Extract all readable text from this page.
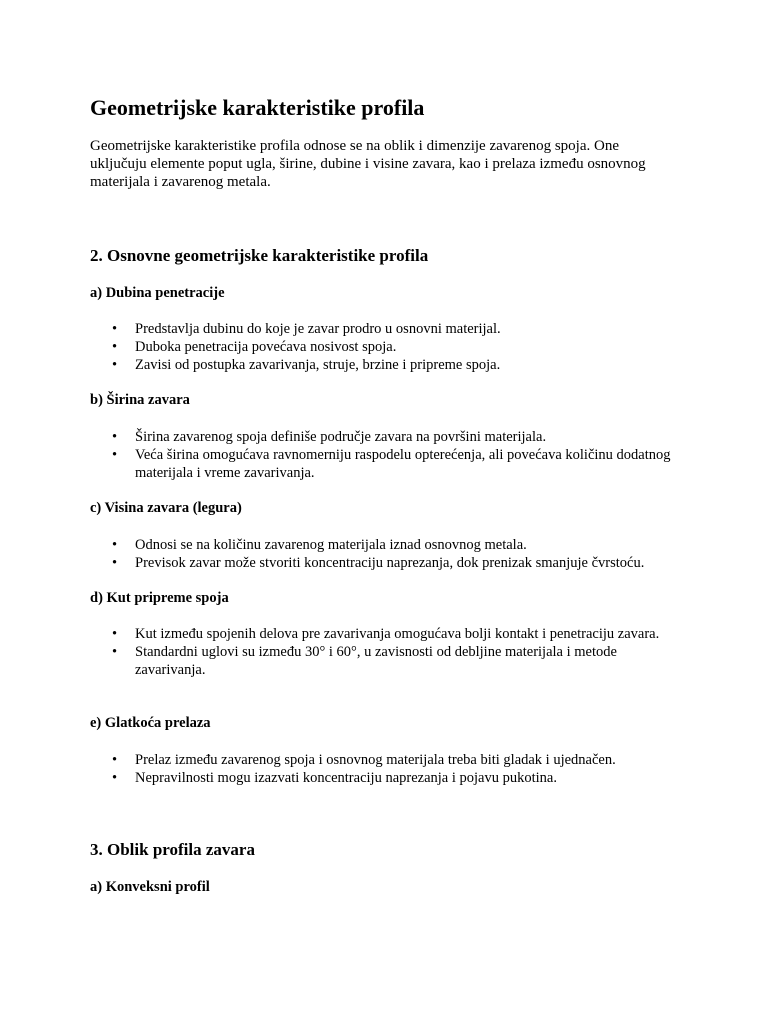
Geometrijske karakteristike profila

Geometrijske karakteristike profila odnose se na oblik i dimenzije zavarenog spoja. One uključuju elemente poput ugla, širine, dubine i visine zavara, kao i prelaza između osnovnog materijala i zavarenog metala.

2. Osnovne geometrijske karakteristike profila
a) Dubina penetracije
• Predstavlja dubinu do koje je zavar prodro u osnovni materijal.
• Duboka penetracija povećava nosivost spoja.
• Zavisi od postupka zavarivanja, struje, brzine i pripreme spoja.
b) Širina zavara
• Širina zavarenog spoja definiše područje zavara na površini materijala.
• Veća širina omogućava ravnomerniju raspodelu opterećenja, ali povećava količinu dodatnog materijala i vreme zavarivanja.
c) Visina zavara (legura)
• Odnosi se na količinu zavarenog materijala iznad osnovnog metala.
• Previsok zavar može stvoriti koncentraciju naprezanja, dok prenizak smanjuje čvrstoću.
d) Kut pripreme spoja
• Kut između spojenih delova pre zavarivanja omogućava bolji kontakt i penetraciju zavara.
• Standardni uglovi su između 30° i 60°, u zavisnosti od debljine materijala i metode zavarivanja.
e) Glatkoća prelaza
• Prelaz između zavarenog spoja i osnovnog materijala treba biti gladak i ujednačen.
• Nepravilnosti mogu izazvati koncentraciju naprezanja i pojavu pukotina.
3. Oblik profila zavara
a) Konveksni profil
